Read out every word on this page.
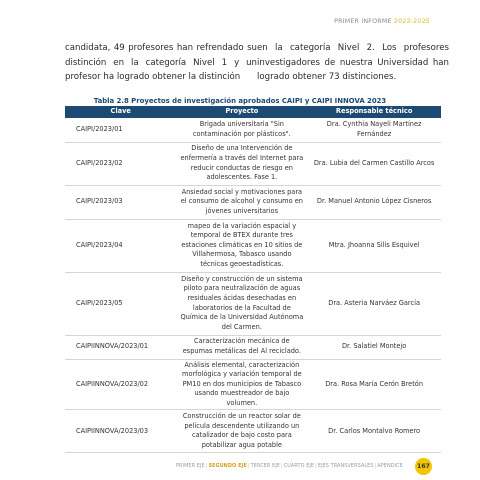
PRIMER INFORME 2022-2025
candidata, 49 profesores han refrendado su distinción en la categoría Nivel 1 y un profesor ha logrado obtener la distinción
en la categoría Nivel 2. Los profesores investigadores de nuestra Universidad han logrado obtener 73 distinciones.
Tabla 2.8 Proyectos de investigación aprobados CAIPI y CAIPI INNOVA 2023
Clave	Proyecto	Responsable técnico
CAIPI/2023/01	Brigada universitaria "Sin contaminación por plásticos".	Dra. Cynthia Nayeli Martínez Fernández
CAIPI/2023/02	Diseño de una Intervención de enfermería a través del Internet para reducir conductas de riesgo en adolescentes. Fase 1.	Dra. Lubia del Carmen Castillo Arcos
CAIPI/2023/03	Ansiedad social y motivaciones para el consumo de alcohol y consumo en jóvenes universitarios	Dr. Manuel Antonio López Cisneros
CAIPI/2023/04	mapeo de la variación espacial y temporal de BTEX durante tres estaciones climáticas en 10 sitios de Villahermosa, Tabasco usando técnicas geoestadísticas.	Mtra. Jhoanna Silis Esquivel
CAIPI/2023/05	Diseño y construcción de un sistema piloto para neutralización de aguas residuales ácidas desechadas en laboratorios de la Facultad de Química de la Universidad Autónoma del Carmen.	Dra. Asteria Narváez García
CAIPIINNOVA/2023/01	Caracterización mecánica de espumas metálicas del Al reciclado.	Dr. Salatiel Montejo
CAIPIINNOVA/2023/02	Análisis elemental, caracterización morfológica y variación temporal de PM10 en dos municipios de Tabasco usando muestreador de bajo volumen.	Dra. Rosa María Cerón Bretón
CAIPIINNOVA/2023/03	Construcción de un reactor solar de película descendente utilizando un catalizador de bajo costo para potabilizar agua potable	Dr. Carlos Montalvo Romero
PRIMER EJE|SEGUNDO EJE|TERCER EJE|CUARTO EJE|EJES TRANSVERSALES|APÉNDICE	167
